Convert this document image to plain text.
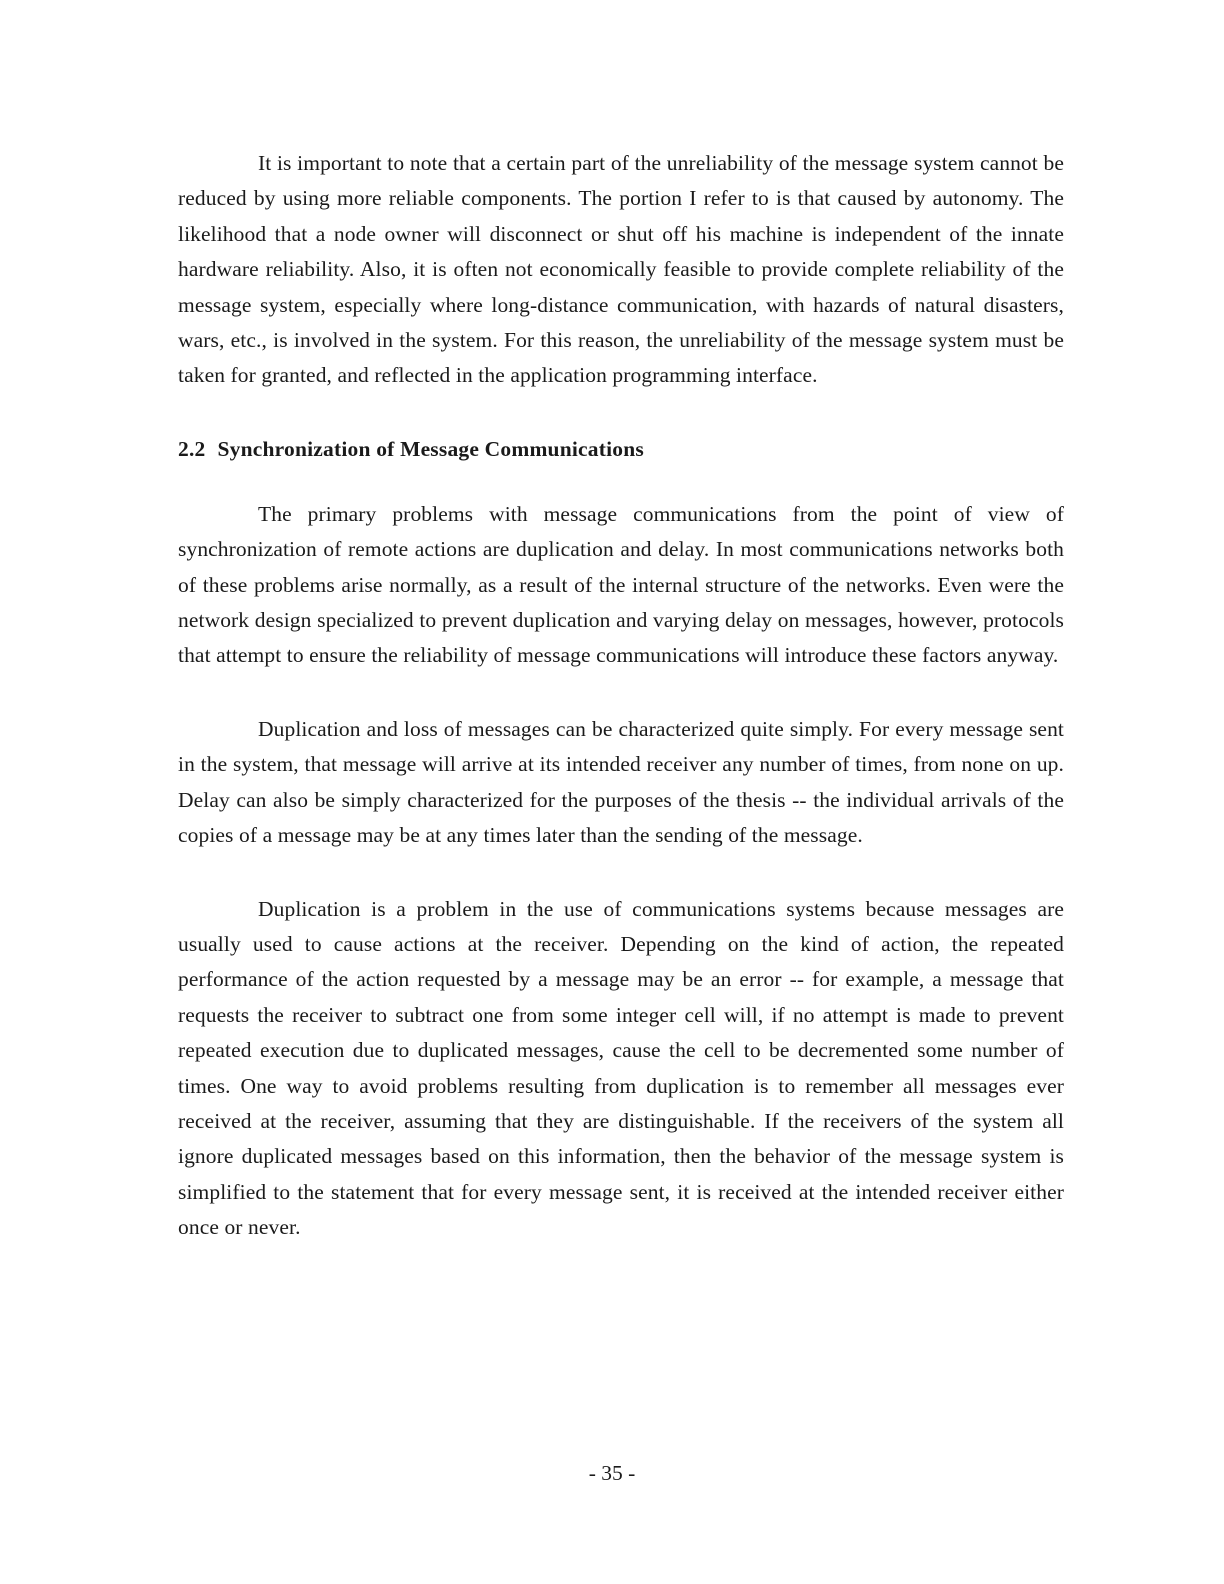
It is important to note that a certain part of the unreliability of the message system cannot be reduced by using more reliable components. The portion I refer to is that caused by autonomy. The likelihood that a node owner will disconnect or shut off his machine is independent of the innate hardware reliability. Also, it is often not economically feasible to provide complete reliability of the message system, especially where long-distance communication, with hazards of natural disasters, wars, etc., is involved in the system. For this reason, the unreliability of the message system must be taken for granted, and reflected in the application programming interface.

2.2 Synchronization of Message Communications

The primary problems with message communications from the point of view of synchronization of remote actions are duplication and delay. In most communications networks both of these problems arise normally, as a result of the internal structure of the networks. Even were the network design specialized to prevent duplication and varying delay on messages, however, protocols that attempt to ensure the reliability of message communications will introduce these factors anyway.

Duplication and loss of messages can be characterized quite simply. For every message sent in the system, that message will arrive at its intended receiver any number of times, from none on up. Delay can also be simply characterized for the purposes of the thesis -- the individual arrivals of the copies of a message may be at any times later than the sending of the message.

Duplication is a problem in the use of communications systems because messages are usually used to cause actions at the receiver. Depending on the kind of action, the repeated performance of the action requested by a message may be an error -- for example, a message that requests the receiver to subtract one from some integer cell will, if no attempt is made to prevent repeated execution due to duplicated messages, cause the cell to be decremented some number of times. One way to avoid problems resulting from duplication is to remember all messages ever received at the receiver, assuming that they are distinguishable. If the receivers of the system all ignore duplicated messages based on this information, then the behavior of the message system is simplified to the statement that for every message sent, it is received at the intended receiver either once or never.

- 35 -
